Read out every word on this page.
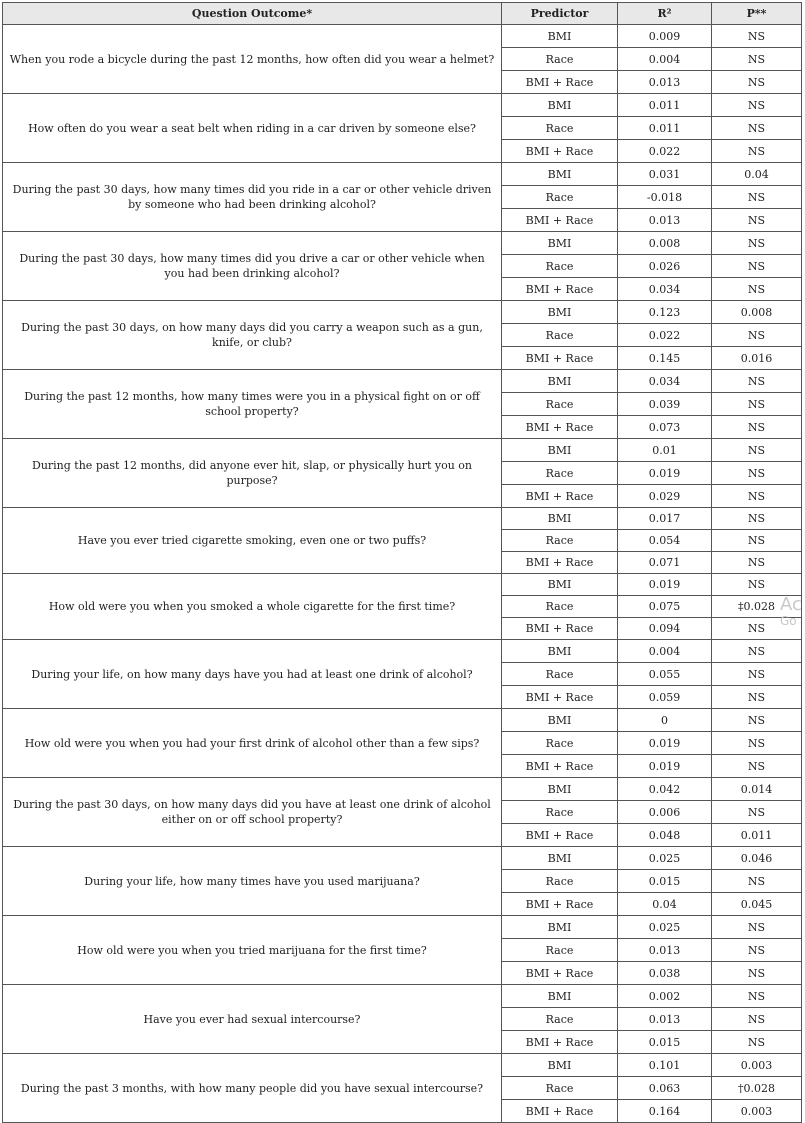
Question Outcome*	Predictor	R²	P**
When you rode a bicycle during the past 12 months, how often did you wear a helmet?	BMI	0.009	NS
	Race	0.004	NS
	BMI + Race	0.013	NS
How often do you wear a seat belt when riding in a car driven by someone else?	BMI	0.011	NS
	Race	0.011	NS
	BMI + Race	0.022	NS
During the past 30 days, how many times did you ride in a car or other vehicle driven by someone who had been drinking alcohol?	BMI	0.031	0.04
	Race	-0.018	NS
	BMI + Race	0.013	NS
During the past 30 days, how many times did you drive a car or other vehicle when you had been drinking alcohol?	BMI	0.008	NS
	Race	0.026	NS
	BMI + Race	0.034	NS
During the past 30 days, on how many days did you carry a weapon such as a gun, knife, or club?	BMI	0.123	0.008
	Race	0.022	NS
	BMI + Race	0.145	0.016
During the past 12 months, how many times were you in a physical fight on or off school property?	BMI	0.034	NS
	Race	0.039	NS
	BMI + Race	0.073	NS
During the past 12 months, did anyone ever hit, slap, or physically hurt you on purpose?	BMI	0.01	NS
	Race	0.019	NS
	BMI + Race	0.029	NS
Have you ever tried cigarette smoking, even one or two puffs?	BMI	0.017	NS
	Race	0.054	NS
	BMI + Race	0.071	NS
How old were you when you smoked a whole cigarette for the first time?	BMI	0.019	NS
	Race	0.075	‡0.028
	BMI + Race	0.094	NS
During your life, on how many days have you had at least one drink of alcohol?	BMI	0.004	NS
	Race	0.055	NS
	BMI + Race	0.059	NS
How old were you when you had your first drink of alcohol other than a few sips?	BMI	0	NS
	Race	0.019	NS
	BMI + Race	0.019	NS
During the past 30 days, on how many days did you have at least one drink of alcohol either on or off school property?	BMI	0.042	0.014
	Race	0.006	NS
	BMI + Race	0.048	0.011
During your life, how many times have you used marijuana?	BMI	0.025	0.046
	Race	0.015	NS
	BMI + Race	0.04	0.045
How old were you when you tried marijuana for the first time?	BMI	0.025	NS
	Race	0.013	NS
	BMI + Race	0.038	NS
Have you ever had sexual intercourse?	BMI	0.002	NS
	Race	0.013	NS
	BMI + Race	0.015	NS
During the past 3 months, with how many people did you have sexual intercourse?	BMI	0.101	0.003
	Race	0.063	†0.028
	BMI + Race	0.164	0.003
Ac
Go
